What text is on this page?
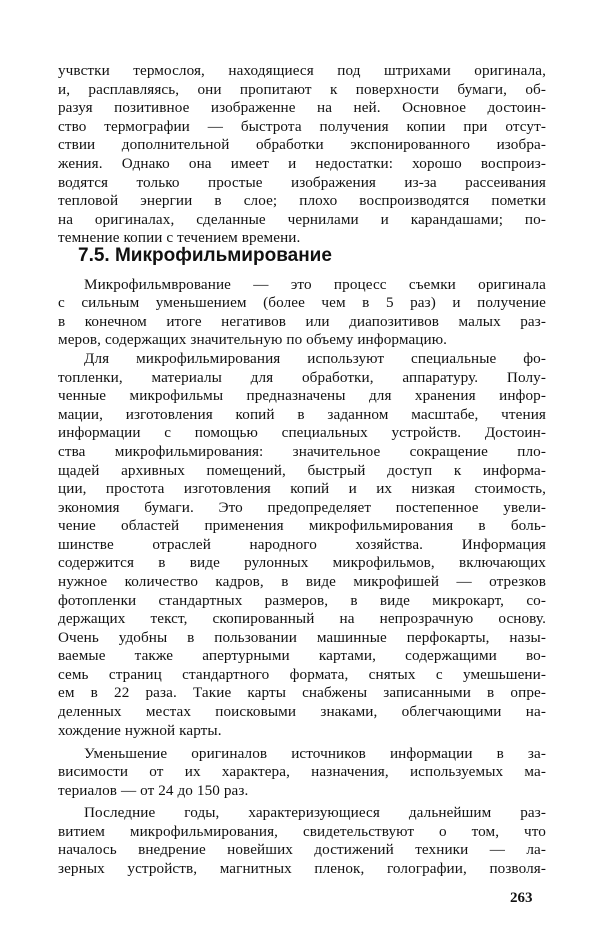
учвстки термослоя, находящиеся под штрихами оригинала,
и, расплавляясь, они пропитают к поверхности бумаги, об-
разуя позитивное изображенне на ней. Основное достоин-
ство термографии — быстрота получения копии при отсут-
ствии дополнительной обработки экспонированного изобра-
жения. Однако она имеет и недостатки: хорошо воспроиз-
водятся только простые изображения из-за рассеивания
тепловой энергии в слое; плохо воспроизводятся пометки
на оригиналах, сделанные чернилами и карандашами; по-
темнение копии с течением времени.
7.5. Микрофильмирование
Микрофильмврование — это процесс съемки оригинала
с сильным уменьшением (более чем в 5 раз) и получение
в конечном итоге негативов или диапозитивов малых раз-
меров, содержащих значительную по объему информацию.
Для микрофильмирования используют специальные фо-
топленки, материалы для обработки, аппаратуру. Полу-
ченные микрофильмы предназначены для хранения инфор-
мации, изготовления копий в заданном масштабе, чтения
информации с помощью специальных устройств. Достоин-
ства микрофильмирования: значительное сокращение пло-
щадей архивных помещений, быстрый доступ к информа-
ции, простота изготовления копий и их низкая стоимость,
экономия бумаги. Это предопределяет постепенное увели-
чение областей применения микрофильмирования в боль-
шинстве отраслей народного хозяйства. Информация
содержится в виде рулонных микрофильмов, включающих
нужное количество кадров, в виде микрофишей — отрезков
фотопленки стандартных размеров, в виде микрокарт, со-
держащих текст, скопированный на непрозрачную основу.
Очень удобны в пользовании машинные перфокарты, назы-
ваемые также апертурными картами, содержащими во-
семь страниц стандартного формата, снятых с умешьшени-
ем в 22 раза. Такие карты снабжены записанными в опре-
деленных местах поисковыми знаками, облегчающими на-
хождение нужной карты.
Уменьшение оригиналов источников информации в за-
висимости от их характера, назначения, используемых ма-
териалов — от 24 до 150 раз.
Последние годы, характеризующиеся дальнейшим раз-
витием микрофильмирования, свидетельствуют о том, что
началось внедрение новейших достижений техники — ла-
зерных устройств, магнитных пленок, голографии, позволя-
263
